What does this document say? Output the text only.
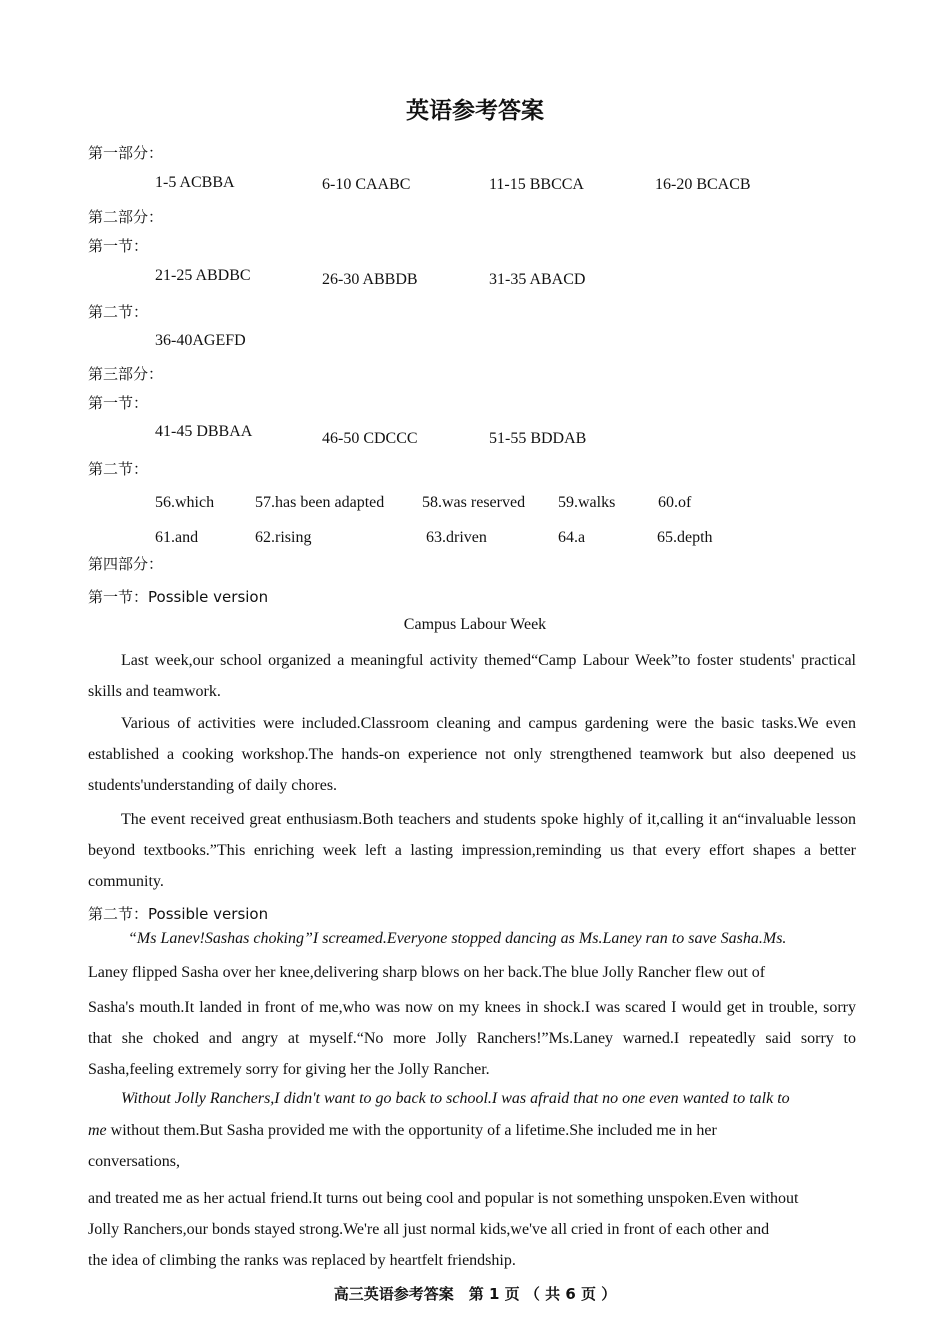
英语参考答案
第一部分：
1-5 ACBBA	6-10 CAABC	11-15 BBCCA	16-20 BCACB
第二部分：
第一节：
21-25 ABDBC	26-30 ABBDB	31-35 ABACD
第二节：
36-40AGEFD
第三部分：
第一节：
41-45 DBBAA	46-50 CDCCC	51-55 BDDAB
第二节：
56.which	57.has been adapted 58.was reserved 59.walks	60.of
61.and	62.rising	63.driven	64.a	65.depth
第四部分：
第一节：Possible version
Campus Labour Week
Last week,our school organized a meaningful activity themed“Camp Labour Week”to foster students' practical skills and teamwork.
Various of activities were included.Classroom cleaning and campus gardening were the basic tasks.We even established a cooking workshop.The hands-on experience not only strengthened teamwork but also deepened us students'understanding of daily chores.
The event received great enthusiasm.Both teachers and students spoke highly of it,calling it an“invaluable lesson beyond textbooks.”This enriching week left a lasting impression,reminding us that every effort shapes a better community.
第二节：Possible version
“Ms Lanev!Sashas choking”I screamed.Everyone stopped dancing as Ms.Laney ran to save Sasha.Ms.
Laney flipped Sasha over her knee,delivering sharp blows on her back.The blue Jolly Rancher flew out of
Sasha's mouth.It landed in front of me,who was now on my knees in shock.I was scared I would get in trouble, sorry that she choked and angry at myself.“No more Jolly Ranchers!”Ms.Laney warned.I repeatedly said sorry to Sasha,feeling extremely sorry for giving her the Jolly Rancher.
Without Jolly Ranchers,I didn't want to go back to school.I was afraid that no one even wanted to talk to
me without them.But Sasha provided me with the opportunity of a lifetime.She included me in her
conversations,
and treated me as her actual friend.It turns out being cool and popular is not something unspoken.Even without
Jolly Ranchers,our bonds stayed strong.We're all just normal kids,we've all cried in front of each other and
the idea of climbing the ranks was replaced by heartfelt friendship.
高三英语参考答案　第 1 页 （ 共 6 页 ）
